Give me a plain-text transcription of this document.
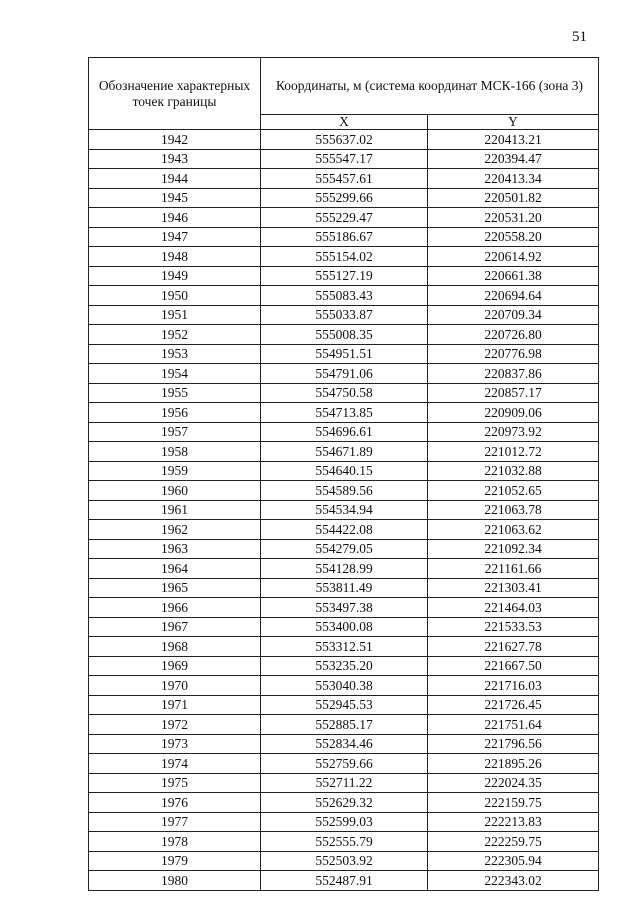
51
Обозначение характерных точек границы	Координаты, м (система координат МСК-166 (зона 3)	
	X	Y
1942	555637.02	220413.21
1943	555547.17	220394.47
1944	555457.61	220413.34
1945	555299.66	220501.82
1946	555229.47	220531.20
1947	555186.67	220558.20
1948	555154.02	220614.92
1949	555127.19	220661.38
1950	555083.43	220694.64
1951	555033.87	220709.34
1952	555008.35	220726.80
1953	554951.51	220776.98
1954	554791.06	220837.86
1955	554750.58	220857.17
1956	554713.85	220909.06
1957	554696.61	220973.92
1958	554671.89	221012.72
1959	554640.15	221032.88
1960	554589.56	221052.65
1961	554534.94	221063.78
1962	554422.08	221063.62
1963	554279.05	221092.34
1964	554128.99	221161.66
1965	553811.49	221303.41
1966	553497.38	221464.03
1967	553400.08	221533.53
1968	553312.51	221627.78
1969	553235.20	221667.50
1970	553040.38	221716.03
1971	552945.53	221726.45
1972	552885.17	221751.64
1973	552834.46	221796.56
1974	552759.66	221895.26
1975	552711.22	222024.35
1976	552629.32	222159.75
1977	552599.03	222213.83
1978	552555.79	222259.75
1979	552503.92	222305.94
1980	552487.91	222343.02
